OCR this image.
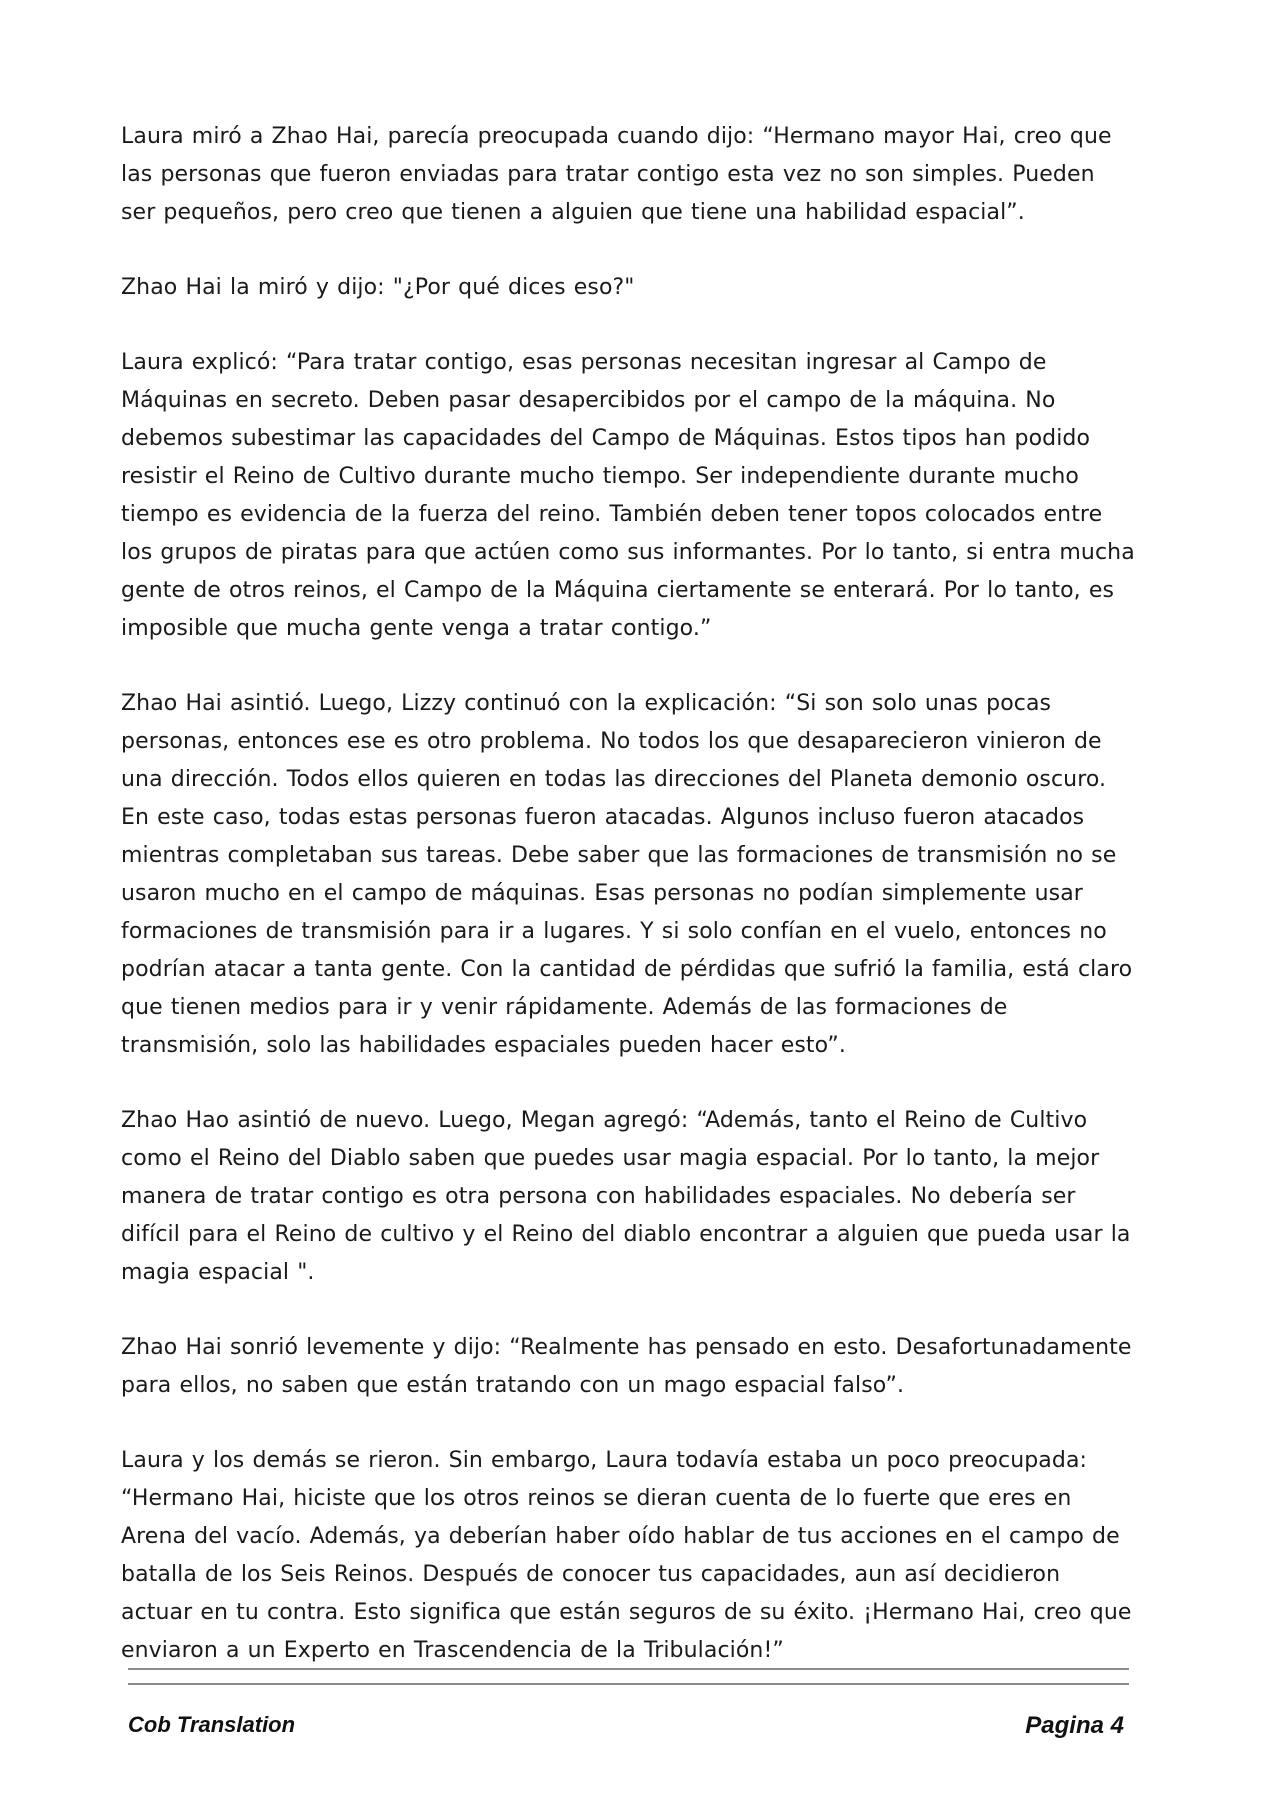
Laura miró a Zhao Hai, parecía preocupada cuando dijo: “Hermano mayor Hai, creo que las personas que fueron enviadas para tratar contigo esta vez no son simples. Pueden ser pequeños, pero creo que tienen a alguien que tiene una habilidad espacial”.

Zhao Hai la miró y dijo: "¿Por qué dices eso?"

Laura explicó: “Para tratar contigo, esas personas necesitan ingresar al Campo de Máquinas en secreto. Deben pasar desapercibidos por el campo de la máquina. No debemos subestimar las capacidades del Campo de Máquinas. Estos tipos han podido resistir el Reino de Cultivo durante mucho tiempo. Ser independiente durante mucho tiempo es evidencia de la fuerza del reino. También deben tener topos colocados entre los grupos de piratas para que actúen como sus informantes. Por lo tanto, si entra mucha gente de otros reinos, el Campo de la Máquina ciertamente se enterará. Por lo tanto, es imposible que mucha gente venga a tratar contigo.”

Zhao Hai asintió. Luego, Lizzy continuó con la explicación: “Si son solo unas pocas personas, entonces ese es otro problema. No todos los que desaparecieron vinieron de una dirección. Todos ellos quieren en todas las direcciones del Planeta demonio oscuro. En este caso, todas estas personas fueron atacadas. Algunos incluso fueron atacados mientras completaban sus tareas. Debe saber que las formaciones de transmisión no se usaron mucho en el campo de máquinas. Esas personas no podían simplemente usar formaciones de transmisión para ir a lugares. Y si solo confían en el vuelo, entonces no podrían atacar a tanta gente. Con la cantidad de pérdidas que sufrió la familia, está claro que tienen medios para ir y venir rápidamente. Además de las formaciones de transmisión, solo las habilidades espaciales pueden hacer esto”.

Zhao Hao asintió de nuevo. Luego, Megan agregó: “Además, tanto el Reino de Cultivo como el Reino del Diablo saben que puedes usar magia espacial. Por lo tanto, la mejor manera de tratar contigo es otra persona con habilidades espaciales. No debería ser difícil para el Reino de cultivo y el Reino del diablo encontrar a alguien que pueda usar la magia espacial ".

Zhao Hai sonrió levemente y dijo: “Realmente has pensado en esto. Desafortunadamente para ellos, no saben que están tratando con un mago espacial falso”.

Laura y los demás se rieron. Sin embargo, Laura todavía estaba un poco preocupada: “Hermano Hai, hiciste que los otros reinos se dieran cuenta de lo fuerte que eres en Arena del vacío. Además, ya deberían haber oído hablar de tus acciones en el campo de batalla de los Seis Reinos. Después de conocer tus capacidades, aun así decidieron actuar en tu contra. Esto significa que están seguros de su éxito. ¡Hermano Hai, creo que enviaron a un Experto en Trascendencia de la Tribulación!”

Cob Translation	Pagina 4
